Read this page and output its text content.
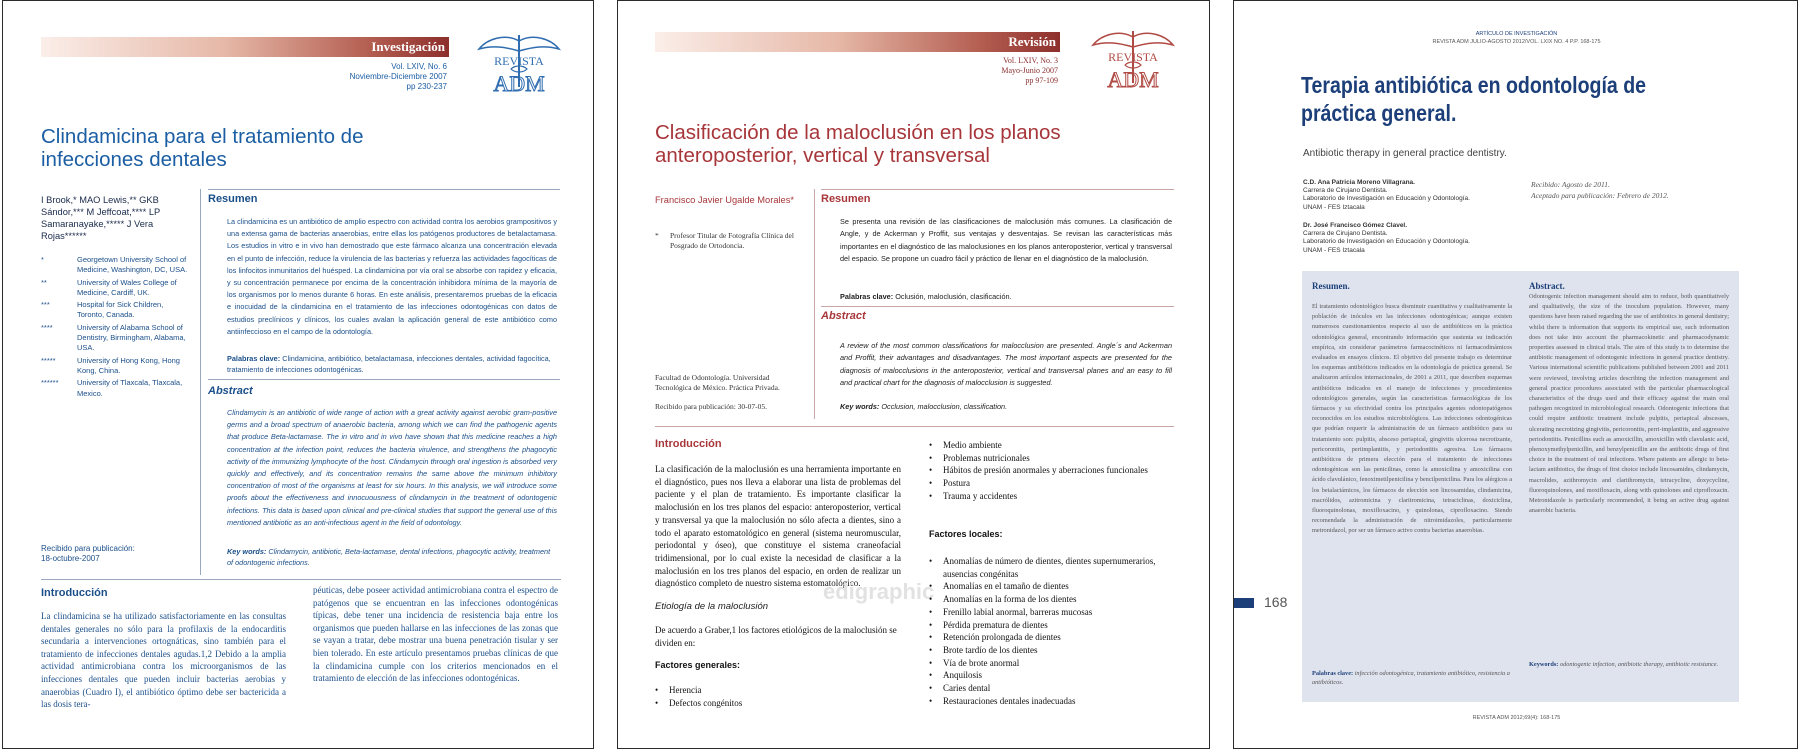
Investigación
Vol. LXIV, No. 6
Noviembre-Diciembre 2007
pp 230-237
REVISTA
ADM
Clindamicina para el tratamiento de infecciones dentales
I Brook,* MAO Lewis,** GKB Sándor,*** M Jeffcoat,**** LP Samaranayake,***** J Vera Rojas******
*	Georgetown University School of Medicine, Washington, DC, USA.
**	University of Wales College of Medicine, Cardiff, UK.
***	Hospital for Sick Children, Toronto, Canada.
****	University of Alabama School of Dentistry, Birmingham, Alabama, USA.
*****	University of Hong Kong, Hong Kong, China.
****** University of Tlaxcala, Tlaxcala, Mexico.
Recibido para publicación:
18-octubre-2007
Resumen
La clindamicina es un antibiótico de amplio espectro con actividad contra los aerobios grampositivos y una extensa gama de bacterias anaerobias, entre ellas los patógenos productores de betalactamasa. Los estudios in vitro e in vivo han demostrado que este fármaco alcanza una concentración elevada en el punto de infección, reduce la virulencia de las bacterias y refuerza las actividades fagocíticas de los linfocitos inmunitarios del huésped. La clindamicina por vía oral se absorbe con rapidez y eficacia, y su concentración permanece por encima de la concentración inhibidora mínima de la mayoría de los organismos por lo menos durante 6 horas. En este análisis, presentaremos pruebas de la eficacia e inocuidad de la clindamicina en el tratamiento de las infecciones odontogénicas con datos de estudios preclínicos y clínicos, los cuales avalan la aplicación general de este antibiótico como antiinfeccioso en el campo de la odontología.
Palabras clave: Clindamicina, antibiótico, betalactamasa, infecciones dentales, actividad fagocítica, tratamiento de infecciones odontogénicas.
Abstract
Clindamycin is an antibiotic of wide range of action with a great activity against aerobic gram-positive germs and a broad spectrum of anaerobic bacteria, among which we can find the pathogenic agents that produce Beta-lactamase. The in vitro and in vivo have shown that this medicine reaches a high concentration at the infection point, reduces the bacteria virulence, and strengthens the phagocytic activity of the immunizing lymphocyte of the host. Clindamycin through oral ingestion is absorbed very quickly and effectively, and its concentration remains the same above the minimum inhibitory concentration of most of the organisms at least for six hours. In this analysis, we will introduce some proofs about the effectiveness and innocuousness of clindamycin in the treatment of odontogenic infections. This data is based upon clinical and pre-clinical studies that support the general use of this mentioned antibiotic as an anti-infectious agent in the field of odontology.
Key words: Clindamycin, antibiotic, Beta-lactamase, dental infections, phagocytic activity, treatment of odontogenic infections.
Introducción
La clindamicina se ha utilizado satisfactoriamente en las consultas dentales generales no sólo para la profilaxis de la endocarditis secundaria a intervenciones ortognáticas, sino también para el tratamiento de infecciones dentales agudas.1,2 Debido a la amplia actividad antimicrobiana contra los microorganismos de las infecciones dentales que pueden incluir bacterias aerobias y anaerobias (Cuadro I), el antibiótico óptimo debe ser bactericida a las dosis tera-
péuticas, debe poseer actividad antimicrobiana contra el espectro de patógenos que se encuentran en las infecciones odontogénicas típicas, debe tener una incidencia de resistencia baja entre los organismos que pueden hallarse en las infecciones de las zonas que se vayan a tratar, debe mostrar una buena penetración tisular y ser bien tolerado. En este artículo presentamos pruebas clínicas de que la clindamicina cumple con los criterios mencionados en el tratamiento de elección de las infecciones odontogénicas.
Revisión
Vol. LXIV, No. 3
Mayo-Junio 2007
pp 97-109
REVISTA
ADM
Clasificación de la maloclusión en los planos anteroposterior, vertical y transversal
Francisco Javier Ugalde Morales*
*	Profesor Titular de Fotografía Clínica del Posgrado de Ortodoncia.
Facultad de Odontología. Universidad Tecnológica de México. Práctica Privada.
Recibido para publicación: 30-07-05.
Resumen
Se presenta una revisión de las clasificaciones de maloclusión más comunes. La clasificación de Angle, y de Ackerman y Proffit, sus ventajas y desventajas. Se revisan las características más importantes en el diagnóstico de las maloclusiones en los planos anteroposterior, vertical y transversal del espacio. Se propone un cuadro fácil y práctico de llenar en el diagnóstico de la maloclusión.
Palabras clave: Oclusión, maloclusión, clasificación.
Abstract
A review of the most common classifications for malocclusion are presented. Angle´s and Ackerman and Proffit, their advantages and disadvantages. The most important aspects are presented for the diagnosis of malocclusions in the anteroposterior, vertical and transversal planes and an easy to fill and practical chart for the diagnosis of malocclusion is suggested.
Key words: Occlusion, malocclusion, classification.
Introducción
La clasificación de la maloclusión es una herramienta importante en el diagnóstico, pues nos lleva a elaborar una lista de problemas del paciente y el plan de tratamiento. Es importante clasificar la maloclusión en los tres planos del espacio: anteroposterior, vertical y transversal ya que la maloclusión no sólo afecta a dientes, sino a todo el aparato estomatológico en general (sistema neuromuscular, periodontal y óseo), que constituye el sistema craneofacial tridimensional, por lo cual existe la necesidad de clasificar a la maloclusión en los tres planos del espacio, en orden de realizar un diagnóstico completo de nuestro sistema estomatológico.
Etiología de la maloclusión
De acuerdo a Graber,1 los factores etiológicos de la maloclusión se dividen en:
Factores generales:
• Herencia
• Defectos congénitos
edigraphic
• Medio ambiente
• Problemas nutricionales
• Hábitos de presión anormales y aberraciones funcionales
• Postura
• Trauma y accidentes
Factores locales:
• Anomalías de número de dientes, dientes supernumerarios, ausencias congénitas
• Anomalías en el tamaño de dientes
• Anomalías en la forma de los dientes
• Frenillo labial anormal, barreras mucosas
• Pérdida prematura de dientes
• Retención prolongada de dientes
• Brote tardío de los dientes
• Vía de brote anormal
• Anquilosis
• Caries dental
• Restauraciones dentales inadecuadas
ARTÍCULO DE INVESTIGACIÓN
REVISTA ADM JULIO-AGOSTO 2012/VOL. LXIX NO. 4 P.P. 168-175
Terapia antibiótica en odontología de práctica general.
Antibiotic therapy in general practice dentistry.
C.D. Ana Patricia Moreno Villagrana.
Carrera de Cirujano Dentista.
Laboratorio de Investigación en Educación y Odontología.
UNAM - FES Iztacala
Dr. José Francisco Gómez Clavel.
Carrera de Cirujano Dentista.
Laboratorio de Investigación en Educación y Odontología.
UNAM - FES Iztacala
Recibido: Agosto de 2011.
Aceptado para publicación: Febrero de 2012.
Resumen.
El tratamiento odontológico busca disminuir cuantitativa y cualitativamente la población de inóculos en las infecciones odontogénicas; aunque existen numerosos cuestionamientos respecto al uso de antibióticos en la práctica odontológica general, encontrando información que sustenta su indicación empírica, sin considerar parámetros farmacocinéticos ni farmacodinámicos evaluados en ensayos clínicos. El objetivo del presente trabajo es determinar los esquemas antibióticos indicados en la odontología de práctica general. Se analizaron artículos internacionales, de 2001 a 2011, que describen esquemas antibióticos indicados en el manejo de infecciones y procedimientos odontológicos generales, según las características farmacológicas de los fármacos y su efectividad contra los principales agentes odontopatógenos reconocidos en los estudios microbiológicos. Las infecciones odontogénicas que podrían requerir la administración de un fármaco antibiótico para su tratamiento son: pulpitis, absceso periapical, gingivitis ulcerosa necrotizante, pericoronitis, periimplantitis, y periodontitis agresiva. Los fármacos antibióticos de primera elección para el tratamiento de infecciones odontogénicas son las penicilinas, como la amoxicilina y amoxicilina con ácido clavulánico, fenoximetilpenicilina y bencilpenicilina. Para los alérgicos a los betalactámicos, los fármacos de elección son lincosamidas, clindamicina, macrólidos, azitromicina y claritromicina, tetraciclinas, doxiciclina, fluoroquinolonas, moxifloxacino, y quinolonas, ciprofloxacino. Siendo recomendada la administración de nitroimidazoles, particularmente metronidazol, por ser un fármaco activo contra bacterias anaerobias.
Palabras clave: infección odontogénica, tratamiento antibiótico, resistencia a antibióticos.
Abstract.
Odontogenic infection management should aim to reduce, both quantitatively and qualitatively, the size of the inoculum population. However, many questions have been raised regarding the use of antibiotics in general dentistry; whilst there is information that supports its empirical use, such information does not take into account the pharmacokinetic and pharmacodynamic properties assessed in clinical trials. The aim of this study is to determine the antibiotic management of odontogenic infections in general practice dentistry. Various international scientific publications published between 2001 and 2011 were reviewed, involving articles describing the infection management and general practice procedures associated with the particular pharmacological characteristics of the drugs used and their efficacy against the main oral pathogen recognized in microbiological research. Odontogenic infections that could require antibiotic treatment include pulpitis, periapical abscesses, ulcerating necrotizing gingivitis, pericoronitis, perri-implantitis, and aggressive periodontitis. Penicillins such as amoxicillin, amoxicillin with clavulanic acid, phenoxymethylpenicillin, and benzylpenicillin are the antibiotic drugs of first choice in the treatment of oral infections. Where patients are allergic to beta-lactam antibiotics, the drugs of first choice include lincosamides, clindamycin, macrolides, azithromycin and clarithromycin, tetracycline, doxycycline, fluoroquinolones, and moxifloxacin, along with quinolones and ciprofloxacin. Metronidazole is particularly recommended, it being an active drug against anaerobic bacteria.
Keywords: odontogenic infection, antibiotic therapy, antibiotic resistance.
168
REVISTA ADM 2012;69(4): 168-175
